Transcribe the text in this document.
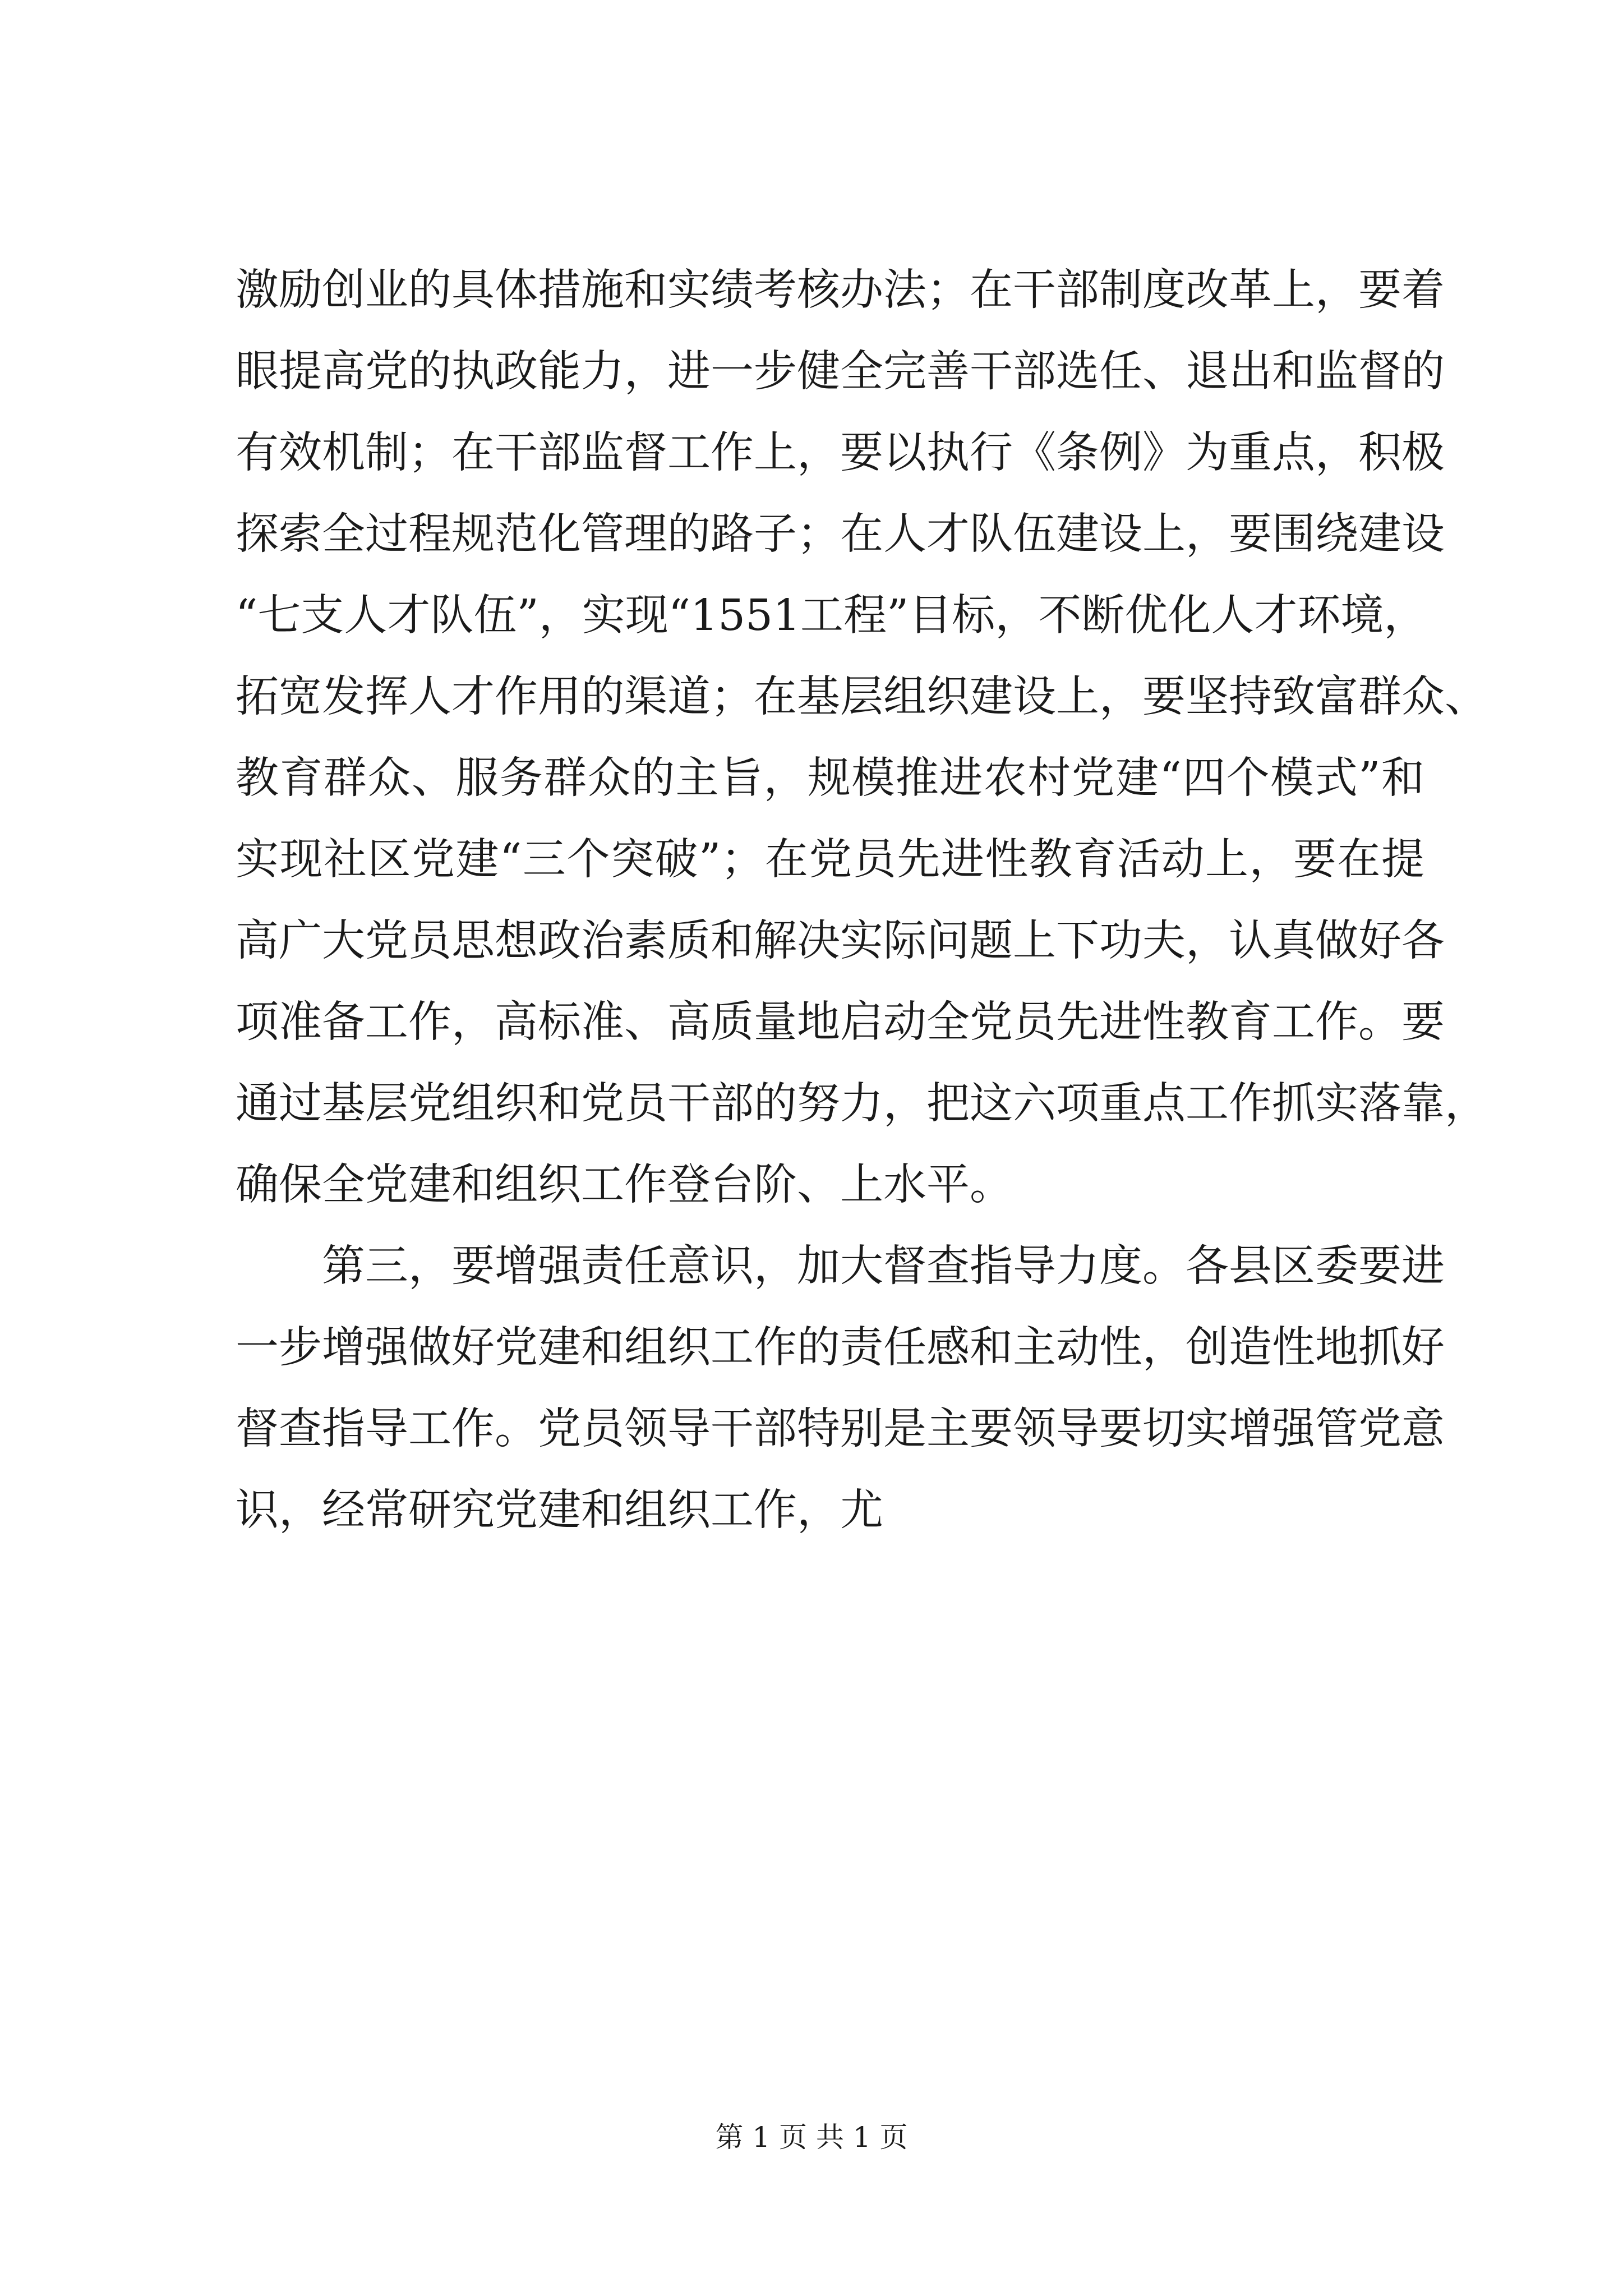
激励创业的具体措施和实绩考核办法；在干部制度改革上，要着
眼提高党的执政能力，进一步健全完善干部选任、退出和监督的
有效机制；在干部监督工作上，要以执行《条例》为重点，积极
探索全过程规范化管理的路子；在人才队伍建设上，要围绕建设
“七支人才队伍”，实现“1551工程”目标，不断优化人才环境，
拓宽发挥人才作用的渠道；在基层组织建设上，要坚持致富群众、
教育群众、服务群众的主旨，规模推进农村党建“四个模式”和
实现社区党建“三个突破”；在党员先进性教育活动上，要在提
高广大党员思想政治素质和解决实际问题上下功夫，认真做好各
项准备工作，高标准、高质量地启动全党员先进性教育工作。要
通过基层党组织和党员干部的努力，把这六项重点工作抓实落靠，
确保全党建和组织工作登台阶、上水平。
第三，要增强责任意识，加大督查指导力度。各县区委要进
一步增强做好党建和组织工作的责任感和主动性，创造性地抓好
督查指导工作。党员领导干部特别是主要领导要切实增强管党意
识，经常研究党建和组织工作，尤
第 1 页 共 1 页
